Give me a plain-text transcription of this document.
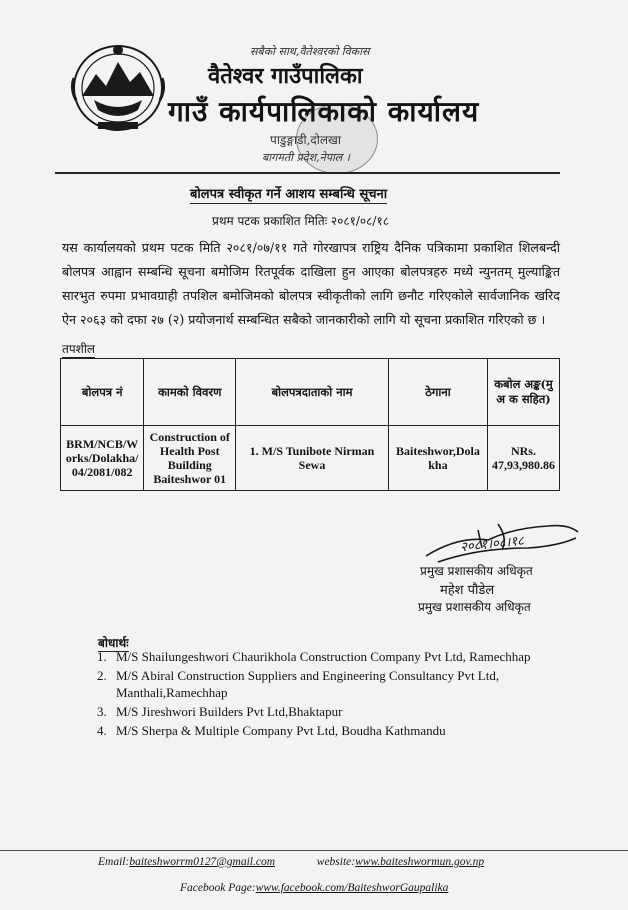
सबैको साथ,वैतेश्वरको विकास
वैतेश्वर गाउँपालिका
गाउँ कार्यपालिकाको कार्यालय
पाडुङ्गाडी,दोलखा
बागमती प्रदेश,नेपाल ।
बोलपत्र स्वीकृत गर्ने आशय सम्बन्धि सूचना
प्रथम पटक प्रकाशित मितिः २०८१/०८/१८
यस कार्यालयको प्रथम पटक मिति २०८१/०७/११ गते गोरखापत्र राष्ट्रिय दैनिक पत्रिकामा प्रकाशित शिलबन्दी बोलपत्र आह्वान सम्बन्धि सूचना बमोजिम रितपूर्वक दाखिला हुन आएका बोलपत्रहरु मध्ये न्युनतम् मुल्याङ्कित सारभुत रुपमा प्रभावग्राही तपशिल बमोजिमको बोलपत्र स्वीकृतीको लागि छनौट गरिएकोले सार्वजानिक खरिद ऐन २०६३ को दफा २७ (२) प्रयोजनार्थ सम्बन्धित सबैको जानकारीको लागि यो सूचना प्रकाशित गरिएको छ ।
तपशील
बोलपत्र नं	कामको विवरण	बोलपत्रदाताको नाम	ठेगाना	कबोल अङ्क(मु अ क सहित)
BRM/NCB/Works/Dolakha/04/2081/082	Construction of Health Post Building Baiteshwor 01	1. M/S Tunibote Nirman Sewa	Baiteshwor,Dolakha	NRs. 47,93,980.86
२०८१।०८।१८
प्रमुख प्रशासकीय अधिकृत
महेश पौडेल
प्रमुख प्रशासकीय अधिकृत
बोधार्थः
1. M/S Shailungeshwori Chaurikhola Construction Company Pvt Ltd, Ramechhap
2. M/S Abiral Construction Suppliers and Engineering Consultancy Pvt Ltd, Manthali,Ramechhap
3. M/S Jireshwori Builders Pvt Ltd,Bhaktapur
4. M/S Sherpa & Multiple Company Pvt Ltd, Boudha Kathmandu
Email:baiteshworrm0127@gmail.com	website:www.baiteshwormun.gov.np
Facebook Page:www.facebook.com/BaiteshworGaupalika
